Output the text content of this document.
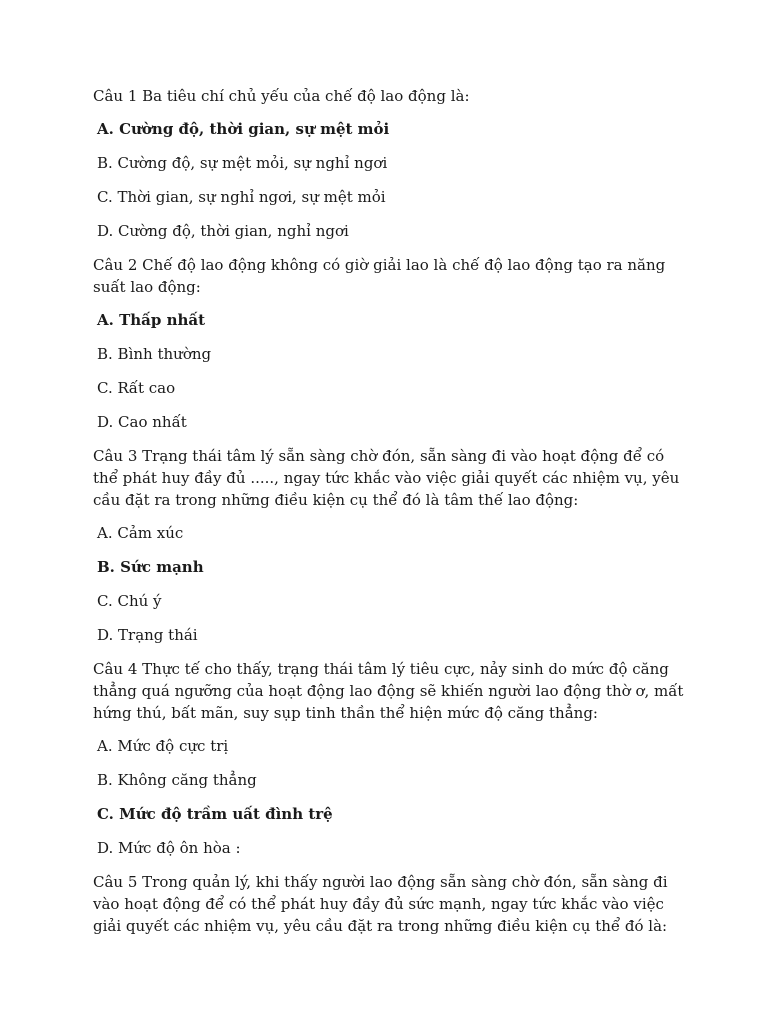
Câu 1 Ba tiêu chí chủ yếu của chế độ lao động là:

A. Cường độ, thời gian, sự mệt mỏi

B. Cường độ, sự mệt mỏi, sự nghỉ ngơi

C. Thời gian, sự nghỉ ngơi, sự mệt mỏi

D. Cường độ, thời gian, nghỉ ngơi

Câu 2 Chế độ lao động không có giờ giải lao là chế độ lao động tạo ra năng suất lao động:

A. Thấp nhất

B. Bình thường

C. Rất cao

D. Cao nhất

Câu 3 Trạng thái tâm lý sẵn sàng chờ đón, sẵn sàng đi vào hoạt động để có thể phát huy đầy đủ ....., ngay tức khắc vào việc giải quyết các nhiệm vụ, yêu cầu đặt ra trong những điều kiện cụ thể đó là tâm thế lao động:

A. Cảm xúc

B. Sức mạnh

C. Chú ý

D. Trạng thái

Câu 4 Thực tế cho thấy, trạng thái tâm lý tiêu cực, nảy sinh do mức độ căng thẳng quá ngưỡng của hoạt động lao động sẽ khiến người lao động thờ ơ, mất hứng thú, bất mãn, suy sụp tinh thần thể hiện mức độ căng thẳng:

A. Mức độ cực trị

B. Không căng thẳng

C. Mức độ trầm uất đình trệ

D. Mức độ ôn hòa :

Câu 5 Trong quản lý, khi thấy người lao động sẵn sàng chờ đón, sẵn sàng đi vào hoạt động để có thể phát huy đầy đủ sức mạnh, ngay tức khắc vào việc giải quyết các nhiệm vụ, yêu cầu đặt ra trong những điều kiện cụ thể đó là:
